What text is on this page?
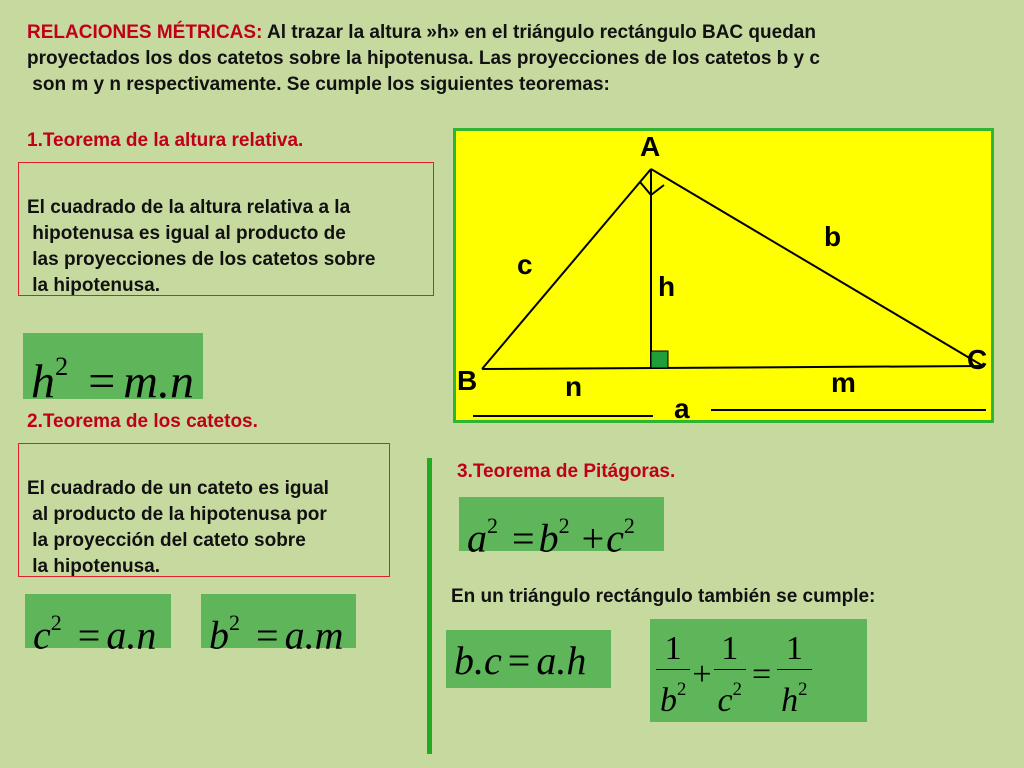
RELACIONES MÉTRICAS: Al trazar la altura »h» en el triángulo rectángulo BAC quedan
proyectados los dos catetos sobre la hipotenusa. Las proyecciones de los catetos b y c
son m y n respectivamente. Se cumple los siguientes teoremas:
1.Teorema de la altura relativa.

El cuadrado de la altura relativa a la
hipotenusa es igual al producto de
las proyecciones de los catetos sobre
la hipotenusa.
$h^2 = m.n$
A
B
C
c
b
h
n	m
a
2.Teorema de los catetos.

El cuadrado de un cateto es igual
al producto de la hipotenusa por
la proyección del cateto sobre
la hipotenusa.
$c^2 = a.n$	$b^2 = a.m$
3.Teorema de Pitágoras.
$a^2 = b^2 +c^2$
En un triángulo rectángulo también se cumple:
b.c = a.h	$\frac{1}{b^2} + \frac{1}{c^2} = \frac{1}{h^2}$
